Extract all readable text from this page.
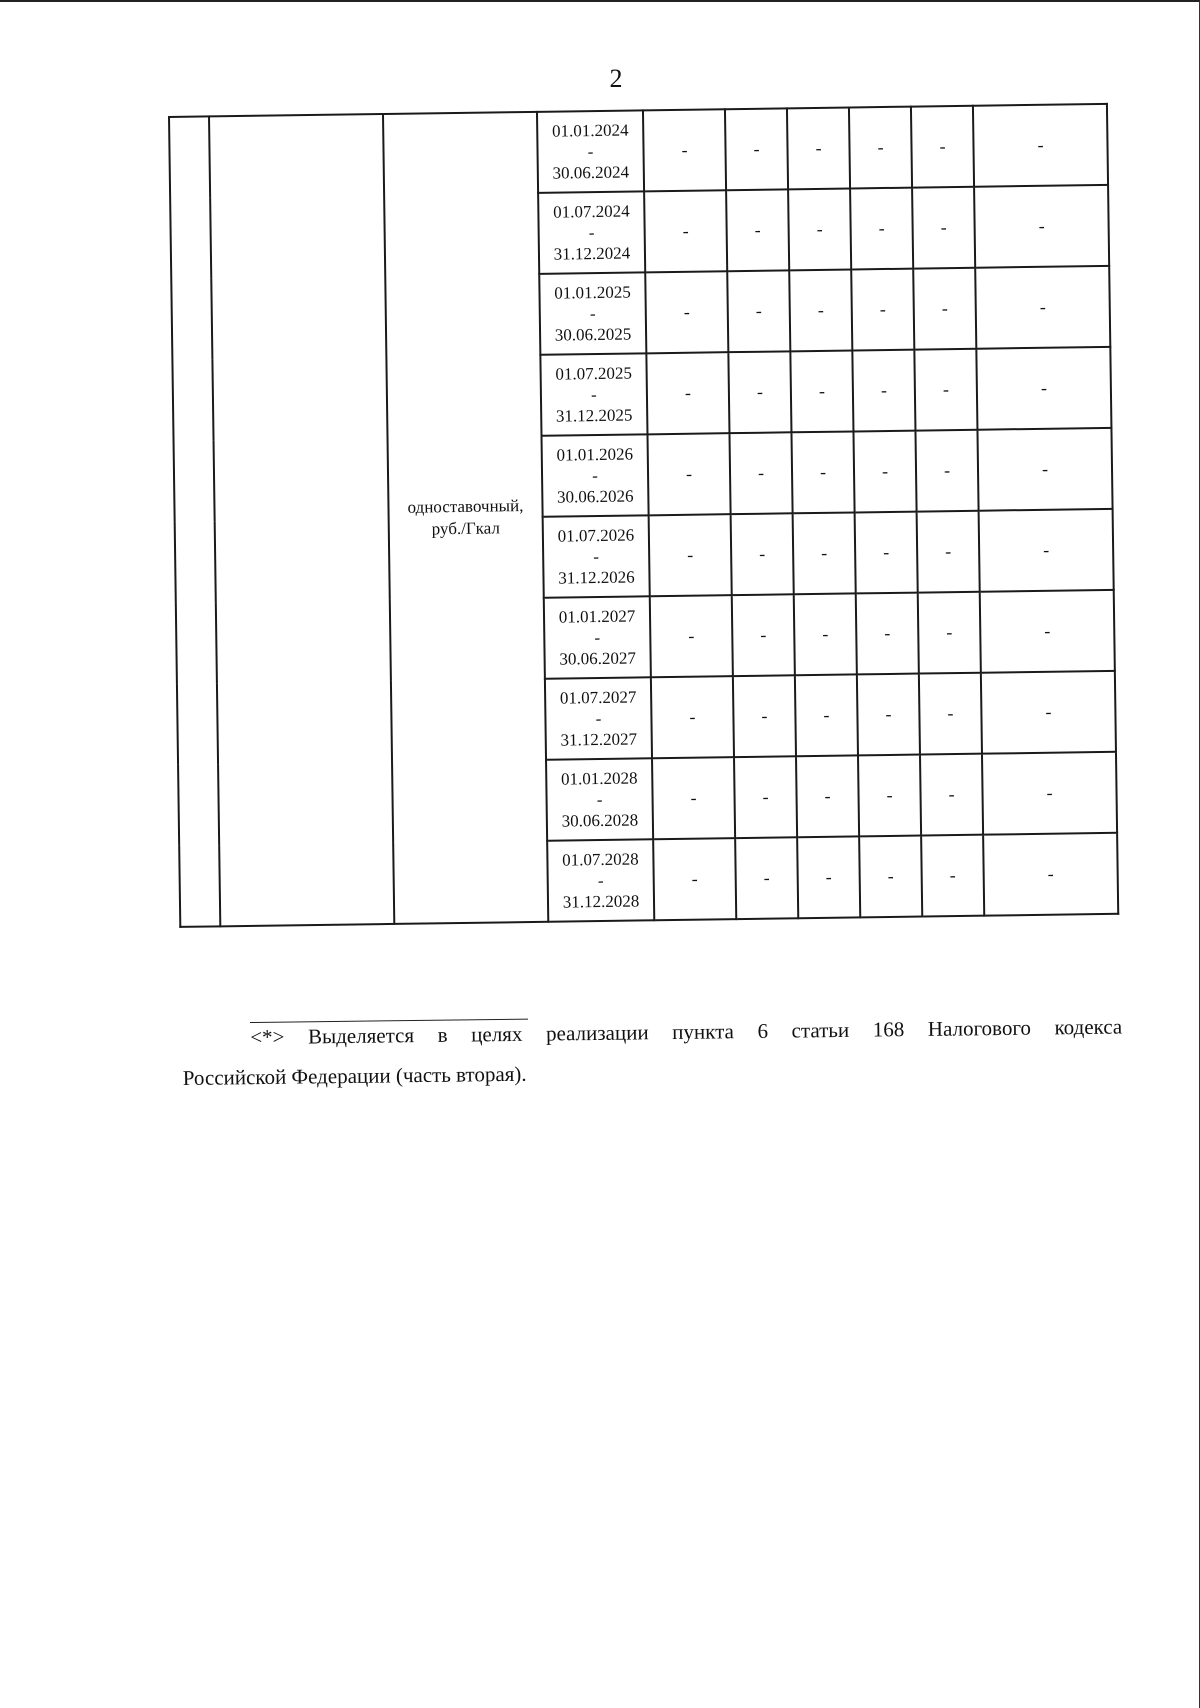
2

		одноставочный, руб./Гкал	01.01.2024
-
30.06.2024	-	-	-	-	-	-

			01.07.2024
-
31.12.2024	-	-	-	-	-	-

			01.01.2025
-
30.06.2025	-	-	-	-	-	-

			01.07.2025
-
31.12.2025	-	-	-	-	-	-

			01.01.2026
-
30.06.2026	-	-	-	-	-	-

			01.07.2026
-
31.12.2026	-	-	-	-	-	-

			01.01.2027
-
30.06.2027	-	-	-	-	-	-

			01.07.2027
-
31.12.2027	-	-	-	-	-	-

			01.01.2028
-
30.06.2028	-	-	-	-	-	-

			01.07.2028
-
31.12.2028	-	-	-	-	-	-
<*> Выделяется в целях реализации пункта 6 статьи 168 Налогового кодекса
Российской Федерации (часть вторая).
